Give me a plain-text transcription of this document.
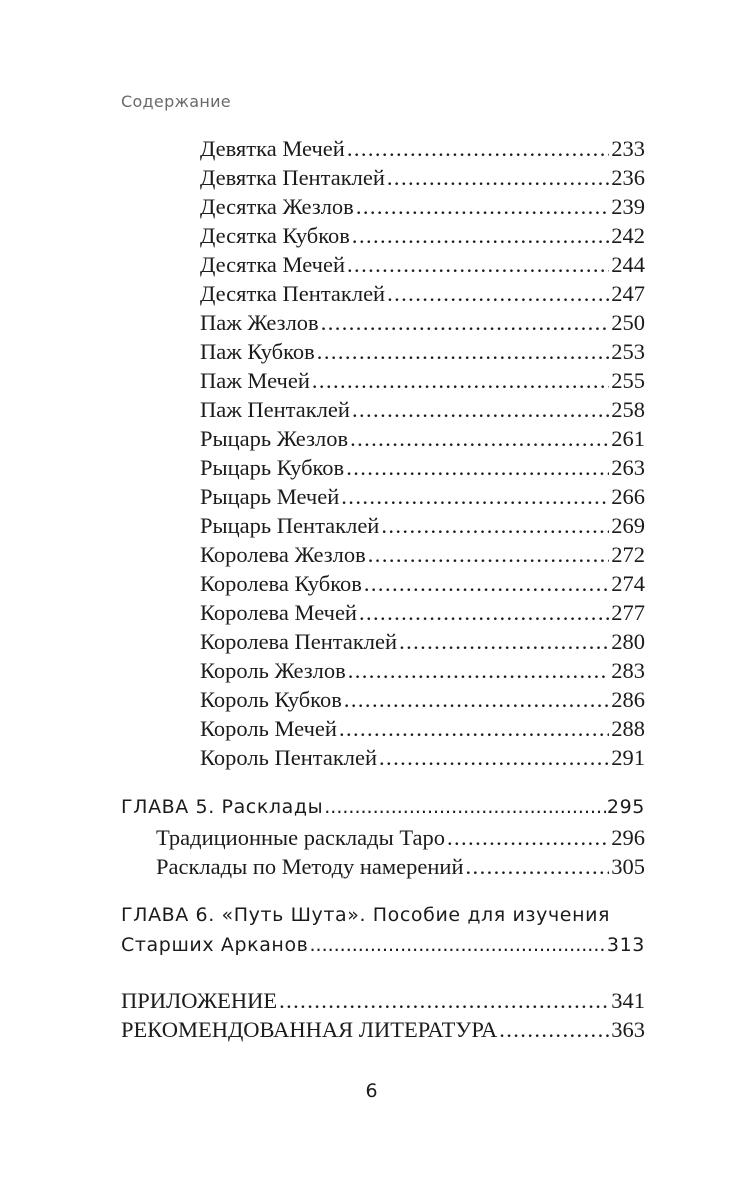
Содержание
Девятка Мечей .....	233
Девятка Пентаклей .....	236
Десятка Жезлов .....	239
Десятка Кубков .....	242
Десятка Мечей .....	244
Десятка Пентаклей .....	247
Паж Жезлов .....	250
Паж Кубков .....	253
Паж Мечей .....	255
Паж Пентаклей .....	258
Рыцарь Жезлов .....	261
Рыцарь Кубков .....	263
Рыцарь Мечей .....	266
Рыцарь Пентаклей .....	269
Королева Жезлов .....	272
Королева Кубков .....	274
Королева Мечей .....	277
Королева Пентаклей .....	280
Король Жезлов .....	283
Король Кубков .....	286
Король Мечей .....	288
Король Пентаклей .....	291
ГЛАВА 5. Расклады .....	295
Традиционные расклады Таро .....	296
Расклады по Методу намерений .....	305
ГЛАВА 6. «Путь Шута». Пособие для изучения
Старших Арканов .....	313
ПРИЛОЖЕНИЕ .....	341
РЕКОМЕНДОВАННАЯ ЛИТЕРАТУРА .....	363
6
